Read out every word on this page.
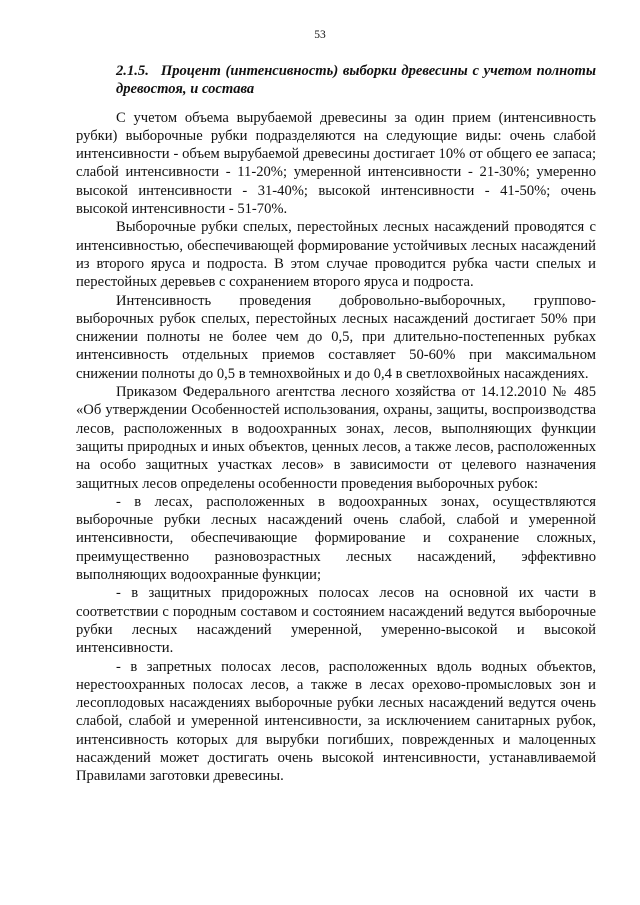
53

2.1.5. Процент (интенсивность) выборки древесины с учетом полноты древостоя, и состава

С учетом объема вырубаемой древесины за один прием (интенсивность рубки) выборочные рубки подразделяются на следующие виды: очень слабой интенсивности - объем вырубаемой древесины достигает 10% от общего ее запаса; слабой интенсивности - 11-20%; умеренной интенсивности - 21-30%; умеренно высокой интенсивности - 31-40%; высокой интенсивности - 41-50%; очень высокой интенсивности - 51-70%.

Выборочные рубки спелых, перестойных лесных насаждений проводятся с интенсивностью, обеспечивающей формирование устойчивых лесных насаждений из второго яруса и подроста. В этом случае проводится рубка части спелых и перестойных деревьев с сохранением второго яруса и подроста.

Интенсивность проведения добровольно-выборочных, группово-выборочных рубок спелых, перестойных лесных насаждений достигает 50% при снижении полноты не более чем до 0,5, при длительно-постепенных рубках интенсивность отдельных приемов составляет 50-60% при максимальном снижении полноты до 0,5 в темнохвойных и до 0,4 в светлохвойных насаждениях.

Приказом Федерального агентства лесного хозяйства от 14.12.2010 № 485 «Об утверждении Особенностей использования, охраны, защиты, воспроизводства лесов, расположенных в водоохранных зонах, лесов, выполняющих функции защиты природных и иных объектов, ценных лесов, а также лесов, расположенных на особо защитных участках лесов» в зависимости от целевого назначения защитных лесов определены особенности проведения выборочных рубок:

- в лесах, расположенных в водоохранных зонах, осуществляются выборочные рубки лесных насаждений очень слабой, слабой и умеренной интенсивности, обеспечивающие формирование и сохранение сложных, преимущественно разновозрастных лесных насаждений, эффективно выполняющих водоохранные функции;

- в защитных придорожных полосах лесов на основной их части в соответствии с породным составом и состоянием насаждений ведутся выборочные рубки лесных насаждений умеренной, умеренно-высокой и высокой интенсивности.

- в запретных полосах лесов, расположенных вдоль водных объектов, нерестоохранных полосах лесов, а также в лесах орехово-промысловых зон и лесоплодовых насаждениях выборочные рубки лесных насаждений ведутся очень слабой, слабой и умеренной интенсивности, за исключением санитарных рубок, интенсивность которых для вырубки погибших, поврежденных и малоценных насаждений может достигать очень высокой интенсивности, устанавливаемой Правилами заготовки древесины.
